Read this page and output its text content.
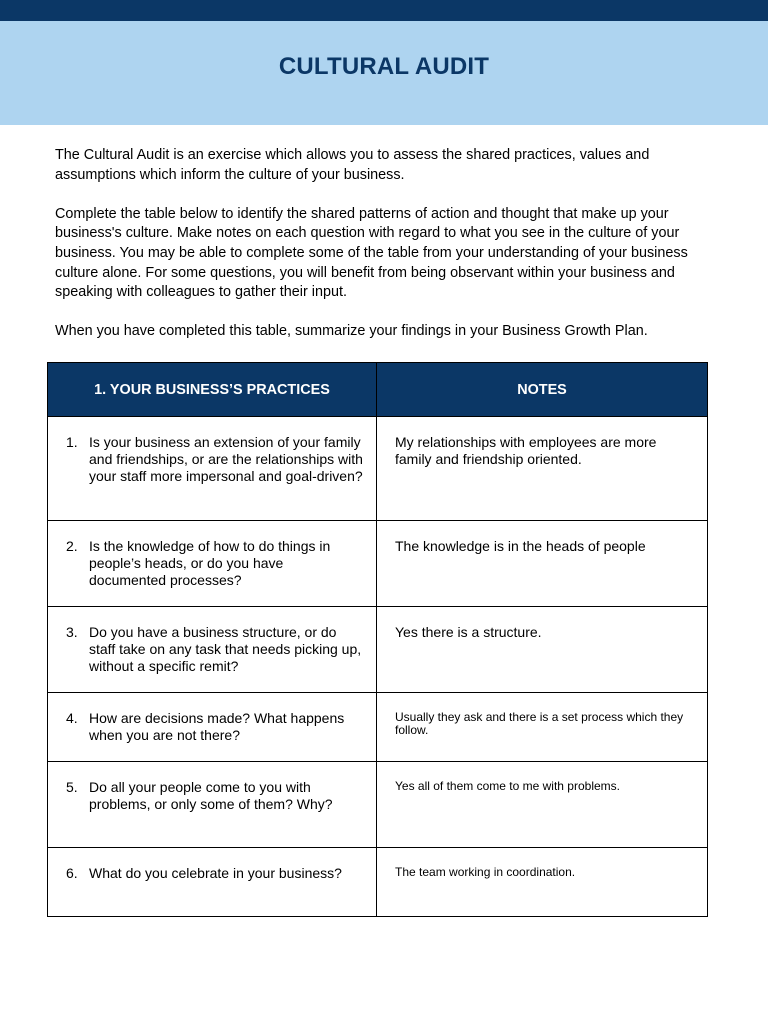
CULTURAL AUDIT

The Cultural Audit is an exercise which allows you to assess the shared practices, values and assumptions which inform the culture of your business.

Complete the table below to identify the shared patterns of action and thought that make up your business's culture. Make notes on each question with regard to what you see in the culture of your business. You may be able to complete some of the table from your understanding of your business culture alone. For some questions, you will benefit from being observant within your business and speaking with colleagues to gather their input.

When you have completed this table, summarize your findings in your Business Growth Plan.

1. YOUR BUSINESS’S PRACTICES	NOTES

1. Is your business an extension of your family and friendships, or are the relationships with your staff more impersonal and goal-driven?	My relationships with employees are more family and friendship oriented.

2. Is the knowledge of how to do things in people’s heads, or do you have documented processes?	The knowledge is in the heads of people

3. Do you have a business structure, or do staff take on any task that needs picking up, without a specific remit?	Yes there is a structure.

4. How are decisions made? What happens when you are not there?	Usually they ask and there is a set process which they follow.

5. Do all your people come to you with problems, or only some of them? Why?	Yes all of them come to me with problems.

6. What do you celebrate in your business?	The team working in coordination.
